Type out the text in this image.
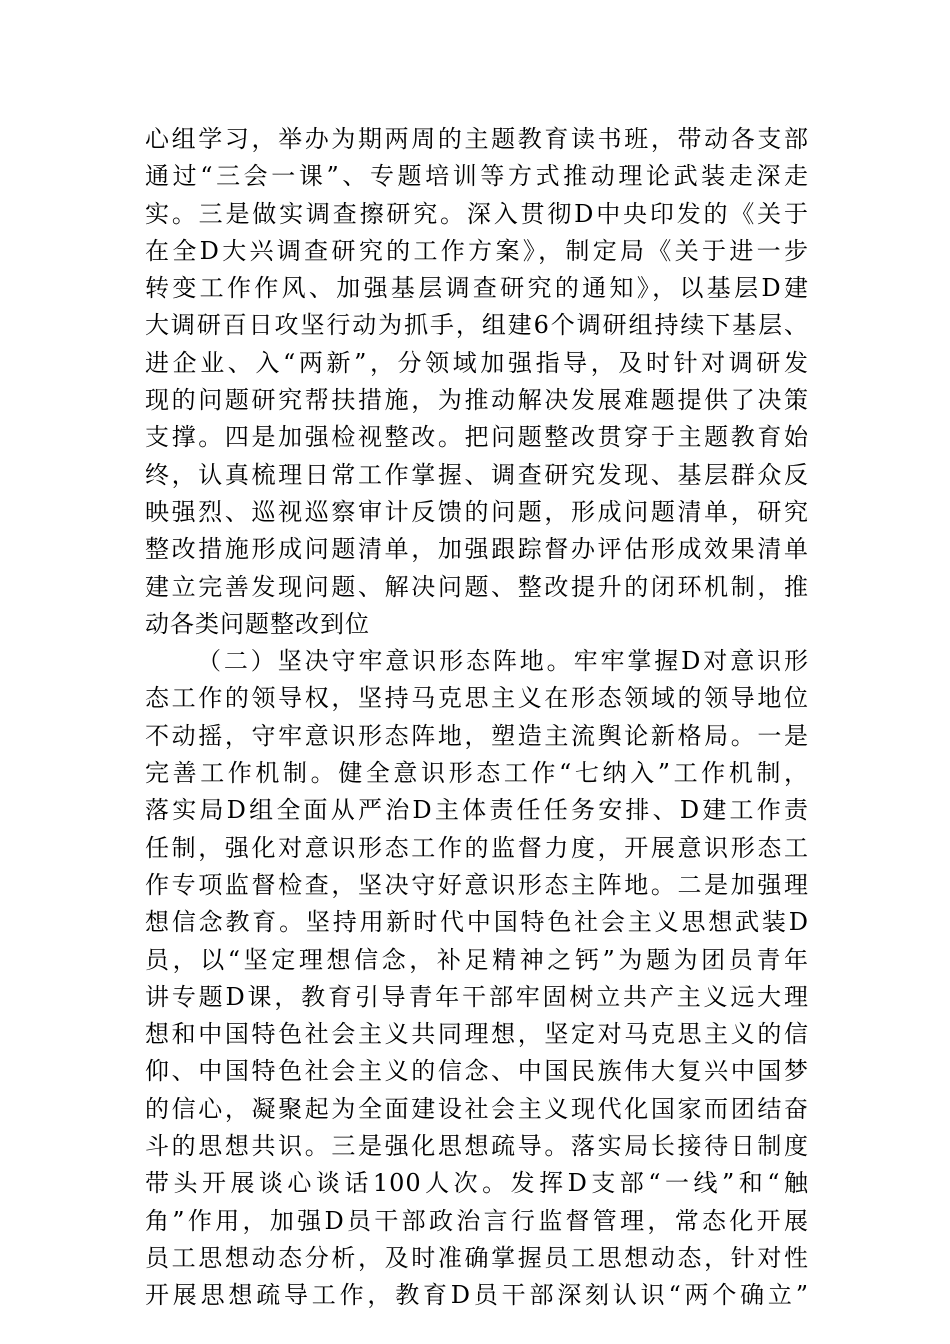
心组学习，举办为期两周的主题教育读书班，带动各支部
通过“三会一课”、专题培训等方式推动理论武装走深走
实。三是做实调查擦研究。深入贯彻D中央印发的《关于
在全D大兴调查研究的工作方案》，制定局《关于进一步
转变工作作风、加强基层调查研究的通知》，以基层D建
大调研百日攻坚行动为抓手，组建6个调研组持续下基层、
进企业、入“两新”，分领域加强指导，及时针对调研发
现的问题研究帮扶措施，为推动解决发展难题提供了决策
支撑。四是加强检视整改。把问题整改贯穿于主题教育始
终，认真梳理日常工作掌握、调查研究发现、基层群众反
映强烈、巡视巡察审计反馈的问题，形成问题清单，研究
整改措施形成问题清单，加强跟踪督办评估形成效果清单
建立完善发现问题、解决问题、整改提升的闭环机制，推
动各类问题整改到位
（二）坚决守牢意识形态阵地。牢牢掌握D对意识形
态工作的领导权，坚持马克思主义在形态领域的领导地位
不动摇，守牢意识形态阵地，塑造主流舆论新格局。一是
完善工作机制。健全意识形态工作“七纳入”工作机制，
落实局D组全面从严治D主体责任任务安排、D建工作责
任制，强化对意识形态工作的监督力度，开展意识形态工
作专项监督检查，坚决守好意识形态主阵地。二是加强理
想信念教育。坚持用新时代中国特色社会主义思想武装D
员，以“坚定理想信念，补足精神之钙”为题为团员青年
讲专题D课，教育引导青年干部牢固树立共产主义远大理
想和中国特色社会主义共同理想，坚定对马克思主义的信
仰、中国特色社会主义的信念、中国民族伟大复兴中国梦
的信心，凝聚起为全面建设社会主义现代化国家而团结奋
斗的思想共识。三是强化思想疏导。落实局长接待日制度
带头开展谈心谈话100人次。发挥D支部“一线”和“触
角”作用，加强D员干部政治言行监督管理，常态化开展
员工思想动态分析，及时准确掌握员工思想动态，针对性
开展思想疏导工作，教育D员干部深刻认识“两个确立”
